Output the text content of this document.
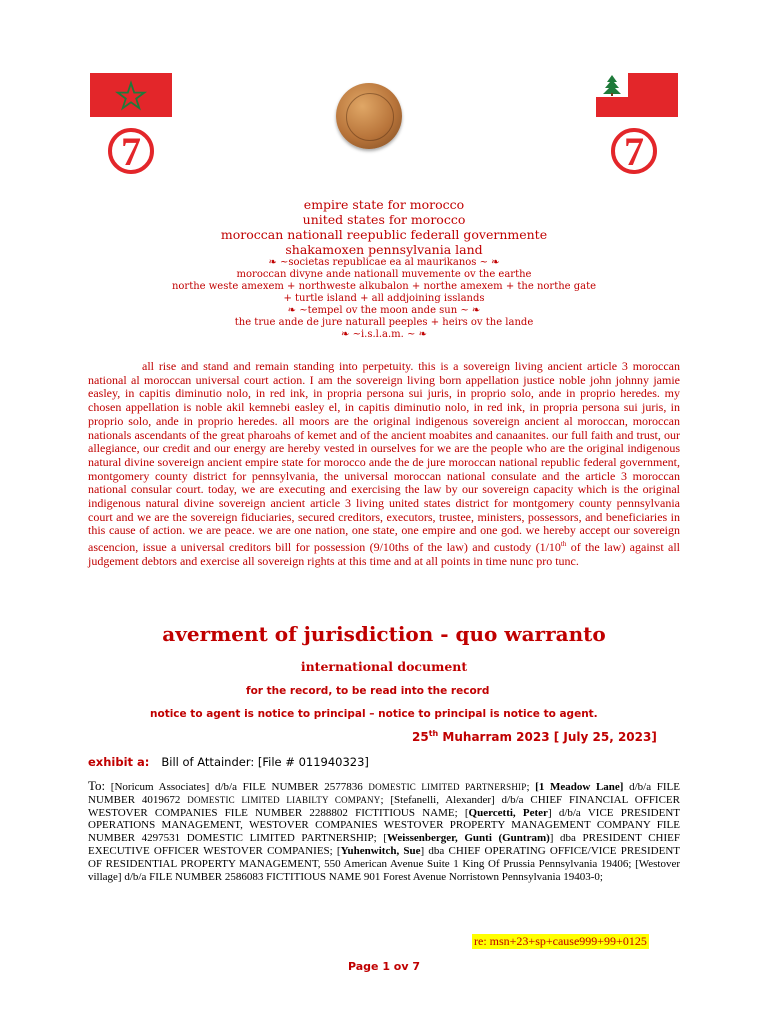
7	7
empire state for morocco
united states for morocco
moroccan nationall reepublic federall governmente
shakamoxen pennsylvania land
❧ ~societas republicae ea al maurikanos ~ ❧
moroccan divyne ande nationall muvemente ov the earthe
northe weste amexem + northweste alkubalon + northe amexem + the northe gate
+ turtle island + all addjoining isslands
❧ ~tempel ov the moon ande sun ~ ❧
the true ande de jure naturall peeples + heirs ov the lande
❧ ~i.s.l.a.m. ~ ❧
all rise and stand and remain standing into perpetuity. this is a sovereign living ancient article 3 moroccan national al moroccan universal court action. I am the sovereign living born appellation justice noble john johnny jamie easley, in capitis diminutio nolo, in red ink, in propria persona sui juris, in proprio solo, ande in proprio heredes. my chosen appellation is noble akil kemnebi easley el, in capitis diminutio nolo, in red ink, in propria persona sui juris, in proprio solo, ande in proprio heredes. all moors are the original indigenous sovereign ancient al moroccan, moroccan nationals ascendants of the great pharoahs of kemet and of the ancient moabites and canaanites. our full faith and trust, our allegiance, our credit and our energy are hereby vested in ourselves for we are the people who are the original indigenous natural divine sovereign ancient empire state for morocco ande the de jure moroccan national republic federal government, montgomery county district for pennsylvania, the universal moroccan national consulate and the article 3 moroccan national consular court. today, we are executing and exercising the law by our sovereign capacity which is the original indigenous natural divine sovereign ancient article 3 living united states district for montgomery county pennsylvania court and we are the sovereign fiduciaries, secured creditors, executors, trustee, ministers, possessors, and beneficiaries in this cause of action. we are peace. we are one nation, one state, one empire and one god. we hereby accept our sovereign ascencion, issue a universal creditors bill for possession (9/10ths of the law) and custody (1/10th of the law) against all judgement debtors and exercise all sovereign rights at this time and at all points in time nunc pro tunc.
averment of jurisdiction - quo warranto
international document
for the record, to be read into the record
notice to agent is notice to principal – notice to principal is notice to agent.
25th Muharram 2023 [ July 25, 2023]
exhibit a: Bill of Attainder: [File # 011940323]
To: [Noricum Associates] d/b/a FILE NUMBER 2577836 DOMESTIC LIMITED PARTNERSHIP; [1 Meadow Lane] d/b/a FILE NUMBER 4019672 DOMESTIC LIMITED LIABILTY COMPANY; [Stefanelli, Alexander] d/b/a CHIEF FINANCIAL OFFICER WESTOVER COMPANIES FILE NUMBER 2288802 FICTITIOUS NAME; [Quercetti, Peter] d/b/a VICE PRESIDENT OPERATIONS MANAGEMENT, WESTOVER COMPANIES WESTOVER PROPERTY MANAGEMENT COMPANY FILE NUMBER 4297531 DOMESTIC LIMITED PARTNERSHIP; [Weissenberger, Gunti (Guntram)] dba PRESIDENT CHIEF EXECUTIVE OFFICER WESTOVER COMPANIES; [Yuhenwitch, Sue] dba CHIEF OPERATING OFFICE/VICE PRESIDENT OF RESIDENTIAL PROPERTY MANAGEMENT, 550 American Avenue Suite 1 King Of Prussia Pennsylvania 19406; [Westover village] d/b/a FILE NUMBER 2586083 FICTITIOUS NAME 901 Forest Avenue Norristown Pennsylvania 19403-0;
re: msn+23+sp+cause999+99+0125
Page 1 ov 7
